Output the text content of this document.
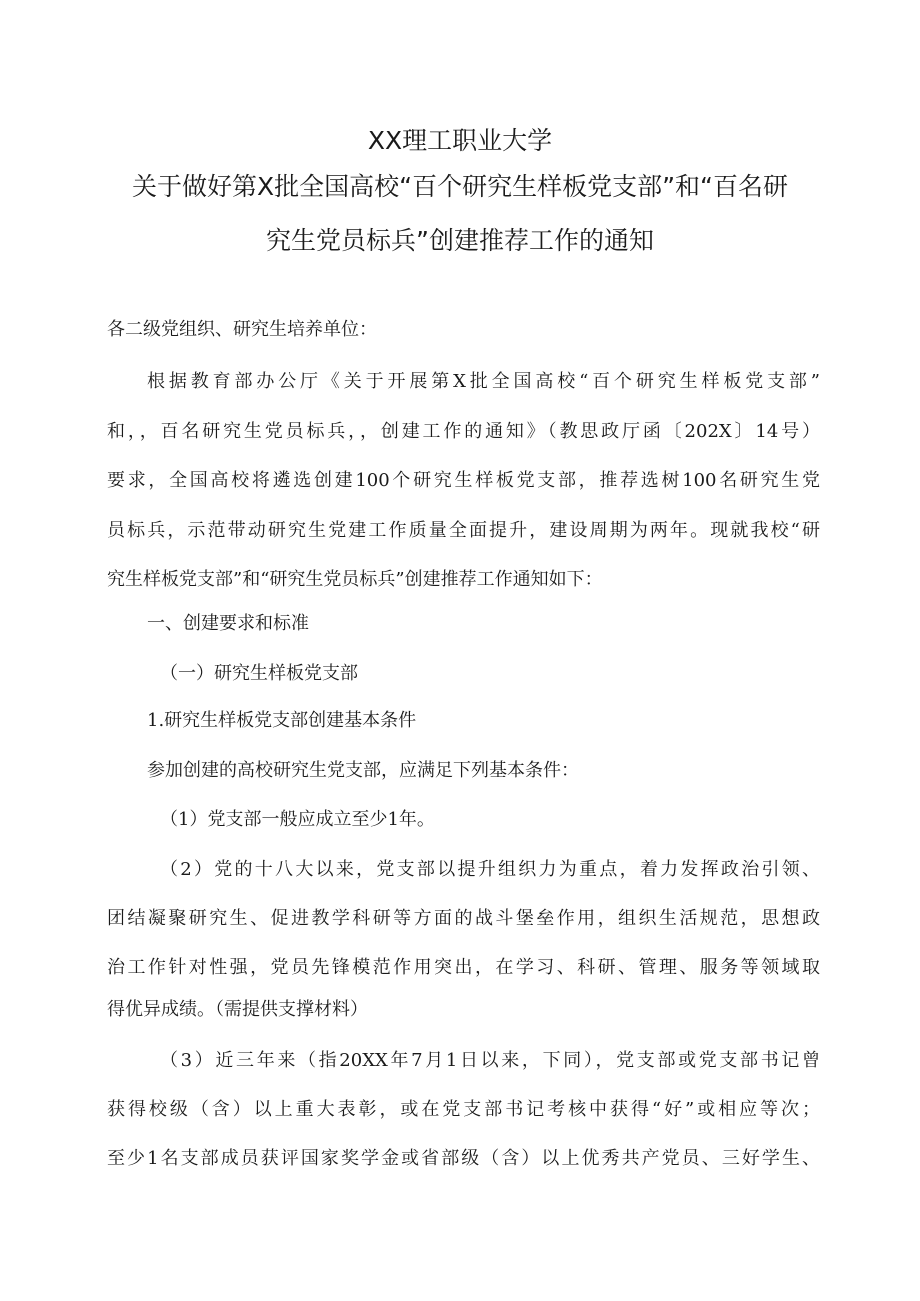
XX理工职业大学
关于做好第X批全国高校“百个研究生样板党支部”和“百名研
究生党员标兵”创建推荐工作的通知

各二级党组织、研究生培养单位：

根据教育部办公厅《关于开展第X批全国高校“百个研究生样板党支部”

和，，百名研究生党员标兵，，创建工作的通知》（教思政厅函〔202X〕14号）

要求，全国高校将遴选创建100个研究生样板党支部，推荐选树100名研究生党

员标兵，示范带动研究生党建工作质量全面提升，建设周期为两年。现就我校“研

究生样板党支部”和“研究生党员标兵”创建推荐工作通知如下：

一、创建要求和标准

（一）研究生样板党支部

1.研究生样板党支部创建基本条件

参加创建的高校研究生党支部，应满足下列基本条件：

（1）党支部一般应成立至少1年。

（2）党的十八大以来，党支部以提升组织力为重点，着力发挥政治引领、

团结凝聚研究生、促进教学科研等方面的战斗堡垒作用，组织生活规范，思想政

治工作针对性强，党员先锋模范作用突出，在学习、科研、管理、服务等领域取

得优异成绩。（需提供支撑材料）

（3）近三年来（指20XX年7月1日以来，下同），党支部或党支部书记曾

获得校级（含）以上重大表彰，或在党支部书记考核中获得“好”或相应等次；

至少1名支部成员获评国家奖学金或省部级（含）以上优秀共产党员、三好学生、
